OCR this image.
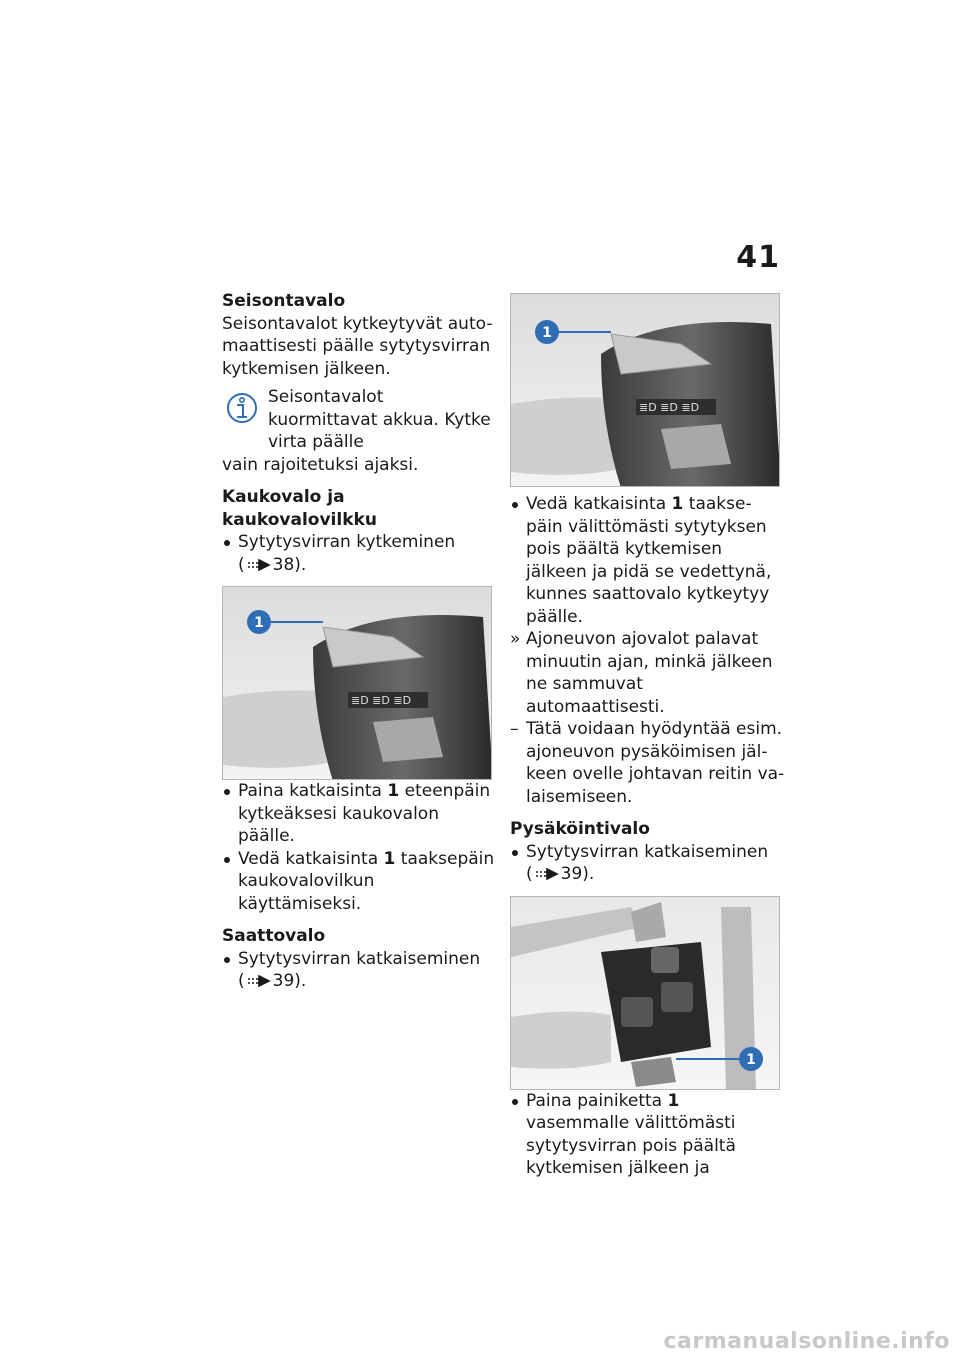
41

Seisontavalo

Seisontavalot kytkeytyvät auto-maattisesti päälle sytytysvirran kytkemisen jälkeen.

Seisontavalot kuormittavat akkua. Kytke virta päälle

vain rajoitetuksi ajaksi.

Kaukovalo ja kaukovalovilkku

Sytytysvirran kytkeminen
( 38).
≣D ≣D ≣D
1
Paina katkaisinta 1 eteenpäin kytkeäksesi kaukovalon päälle.
Vedä katkaisinta 1 taaksepäin kaukovalovilkun käyttämiseksi.

Saattovalo

Sytytysvirran katkaiseminen
( 39).
≣D ≣D ≣D
1
Vedä katkaisinta 1 taakse-päin välittömästi sytytyksen pois päältä kytkemisen jälkeen ja pidä se vedettynä, kunnes saattovalo kytkeytyy päälle.
» Ajoneuvon ajovalot palavat minuutin ajan, minkä jälkeen ne sammuvat automaattisesti.
– Tätä voidaan hyödyntää esim. ajoneuvon pysäköimisen jäl-keen ovelle johtavan reitin va-laisemiseen.

Pysäköintivalo

Sytytysvirran katkaiseminen
( 39).
1
Paina painiketta 1 vasemmalle välittömästi sytytysvirran pois päältä kytkemisen jälkeen ja
carmanualsonline.info
